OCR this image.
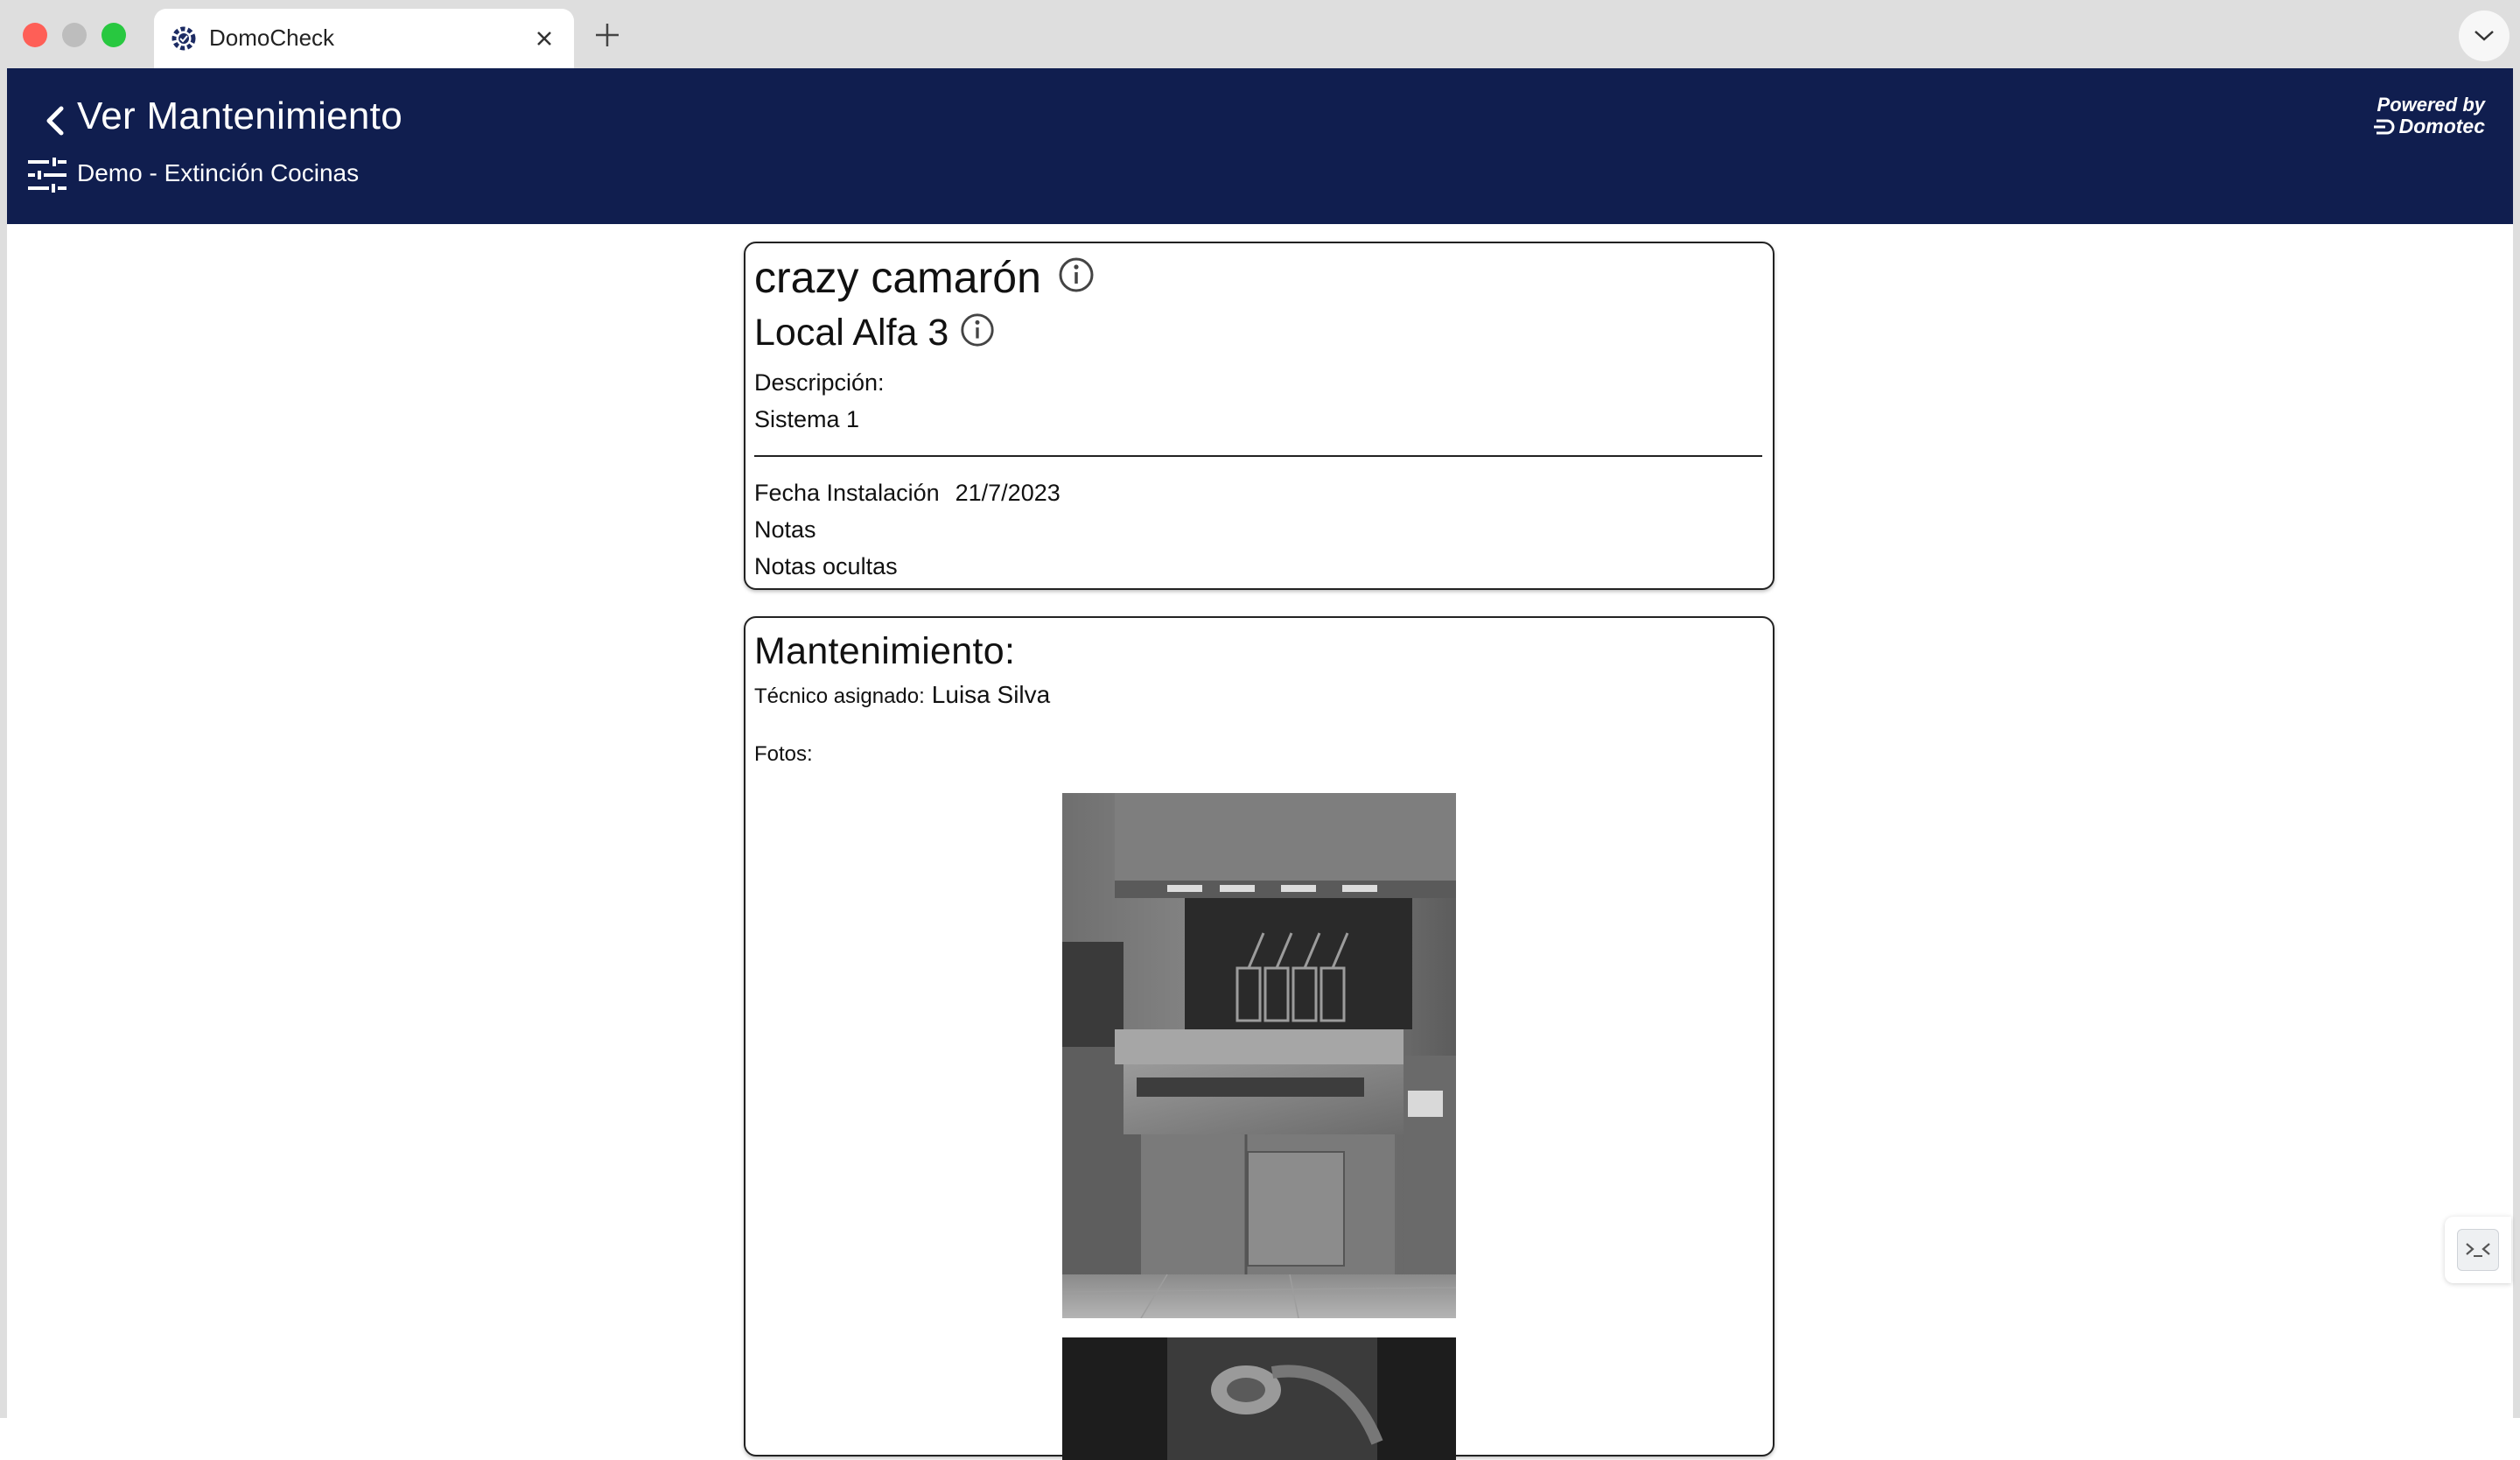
DomoCheck
Ver Mantenimiento
Demo - Extinción Cocinas
Powered by
Domotec
crazy camarón
Local Alfa 3
Descripción:
Sistema 1
Fecha Instalación 21/7/2023
Notas
Notas ocultas
Mantenimiento:
Técnico asignado: Luisa Silva
Fotos:
